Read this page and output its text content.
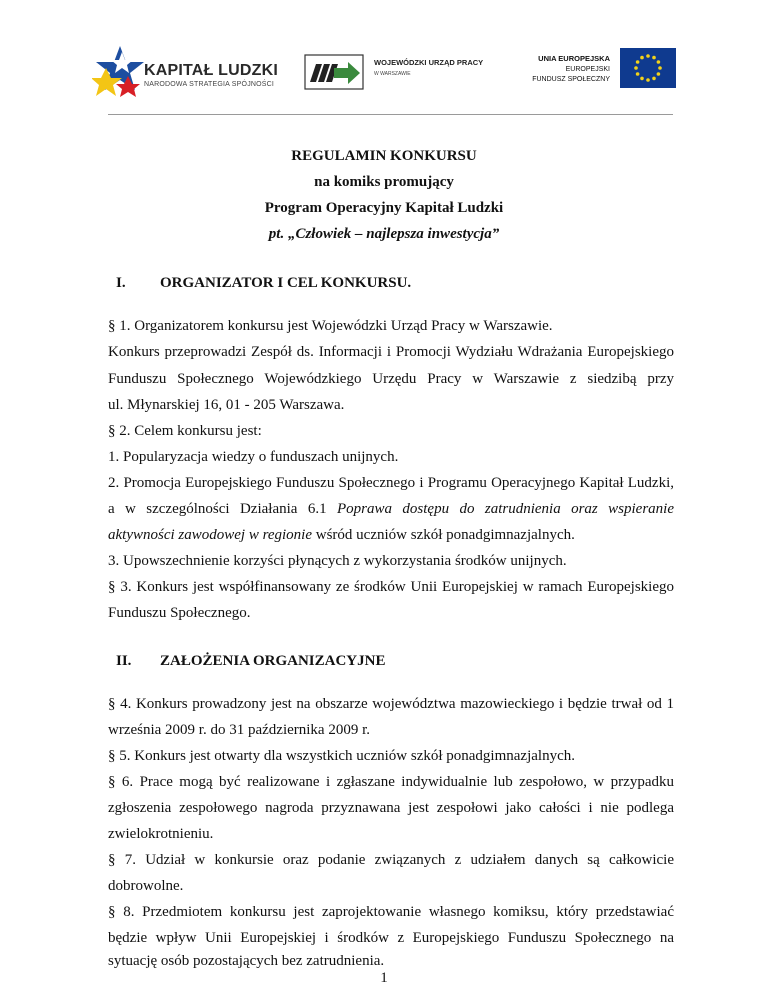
KAPITAŁ LUDZKI
NARODOWA STRATEGIA SPÓJNOŚCI
WOJEWÓDZKI URZĄD PRACY
W WARSZAWIE
UNIA EUROPEJSKA
EUROPEJSKI
FUNDUSZ SPOŁECZNY
REGULAMIN KONKURSU
na komiks promujący
Program Operacyjny Kapitał Ludzki
pt. „Człowiek – najlepsza inwestycja”
I. ORGANIZATOR I CEL KONKURSU.
§ 1. Organizatorem konkursu jest Wojewódzki Urząd Pracy w Warszawie.
Konkurs przeprowadzi Zespół ds. Informacji i Promocji Wydziału Wdrażania Europejskiego
Funduszu Społecznego Wojewódzkiego Urzędu Pracy w Warszawie z siedzibą przy
ul. Młynarskiej 16, 01 - 205 Warszawa.
§ 2. Celem konkursu jest:
1. Popularyzacja wiedzy o funduszach unijnych.
2. Promocja Europejskiego Funduszu Społecznego i Programu Operacyjnego Kapitał Ludzki,
a w szczególności Działania 6.1 Poprawa dostępu do zatrudnienia oraz wspieranie
aktywności zawodowej w regionie wśród uczniów szkół ponadgimnazjalnych.
3. Upowszechnienie korzyści płynących z wykorzystania środków unijnych.
§ 3. Konkurs jest współfinansowany ze środków Unii Europejskiej w ramach Europejskiego
Funduszu Społecznego.
II. ZAŁOŻENIA ORGANIZACYJNE
§ 4. Konkurs prowadzony jest na obszarze województwa mazowieckiego i będzie trwał od 1
września 2009 r. do 31 października 2009 r.
§ 5. Konkurs jest otwarty dla wszystkich uczniów szkół ponadgimnazjalnych.
§ 6. Prace mogą być realizowane i zgłaszane indywidualnie lub zespołowo, w przypadku
zgłoszenia zespołowego nagroda przyznawana jest zespołowi jako całości i nie podlega
zwielokrotnieniu.
§ 7. Udział w konkursie oraz podanie związanych z udziałem danych są całkowicie
dobrowolne.
§ 8. Przedmiotem konkursu jest zaprojektowanie własnego komiksu, który przedstawiać
będzie wpływ Unii Europejskiej i środków z Europejskiego Funduszu Społecznego na
sytuację osób pozostających bez zatrudnienia.
1
